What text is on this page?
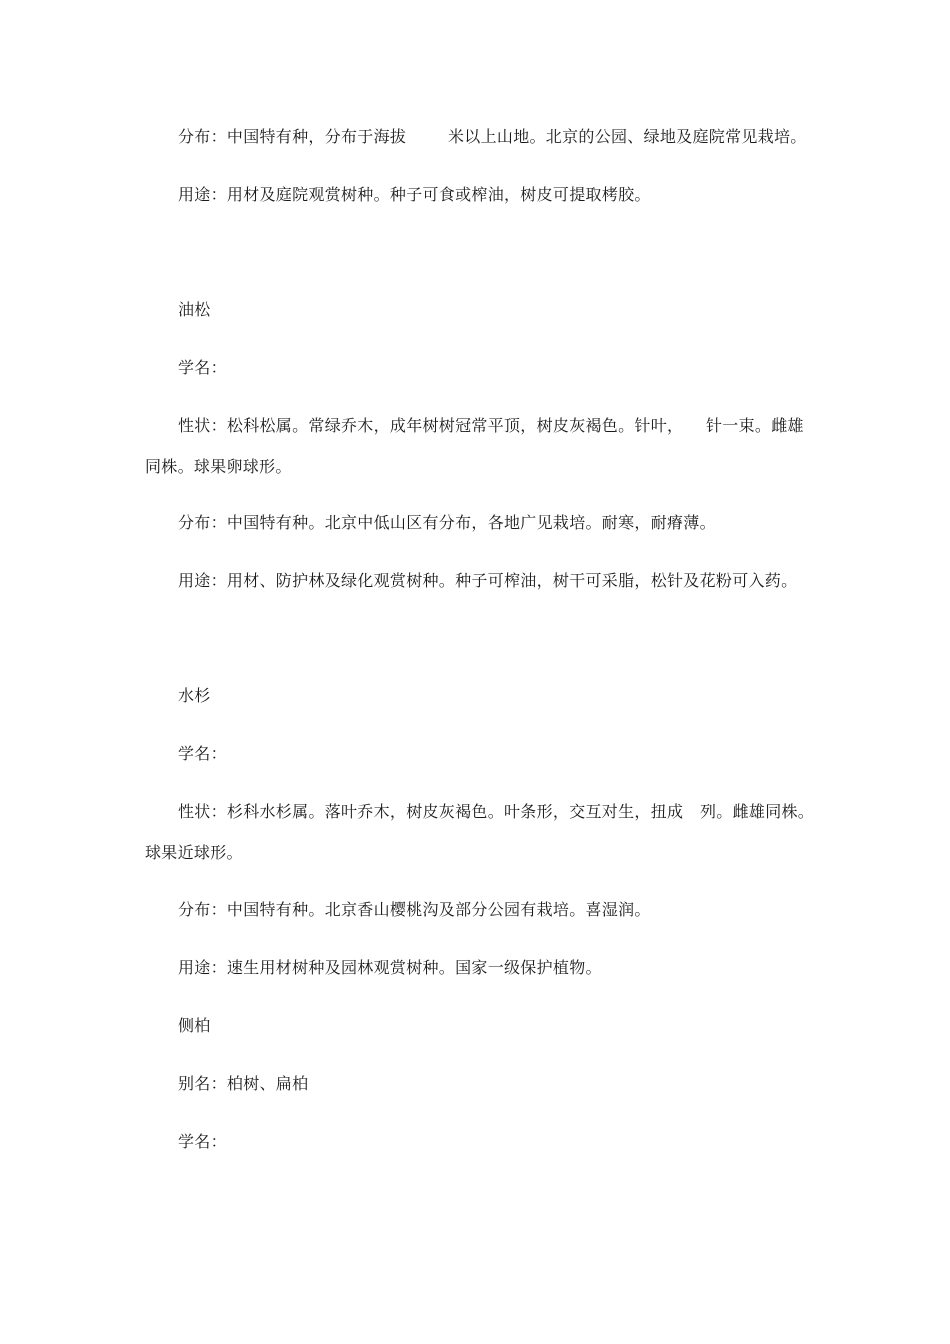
分布：中国特有种，分布于海拔	米以上山地。北京的公园、绿地及庭院常见栽培。
用途：用材及庭院观赏树种。种子可食或榨油，树皮可提取栲胶。
油松
学名：
性状：松科松属。常绿乔木，成年树树冠常平顶，树皮灰褐色。针叶， 针一束。雌雄
同株。球果卵球形。
分布：中国特有种。北京中低山区有分布，各地广见栽培。耐寒，耐瘠薄。
用途：用材、防护林及绿化观赏树种。种子可榨油，树干可采脂，松针及花粉可入药。
水杉
学名：
性状：杉科水杉属。落叶乔木，树皮灰褐色。叶条形，交互对生，扭成 列。雌雄同株。
球果近球形。
分布：中国特有种。北京香山樱桃沟及部分公园有栽培。喜湿润。
用途：速生用材树种及园林观赏树种。国家一级保护植物。
侧柏
别名：柏树、扁柏
学名：
